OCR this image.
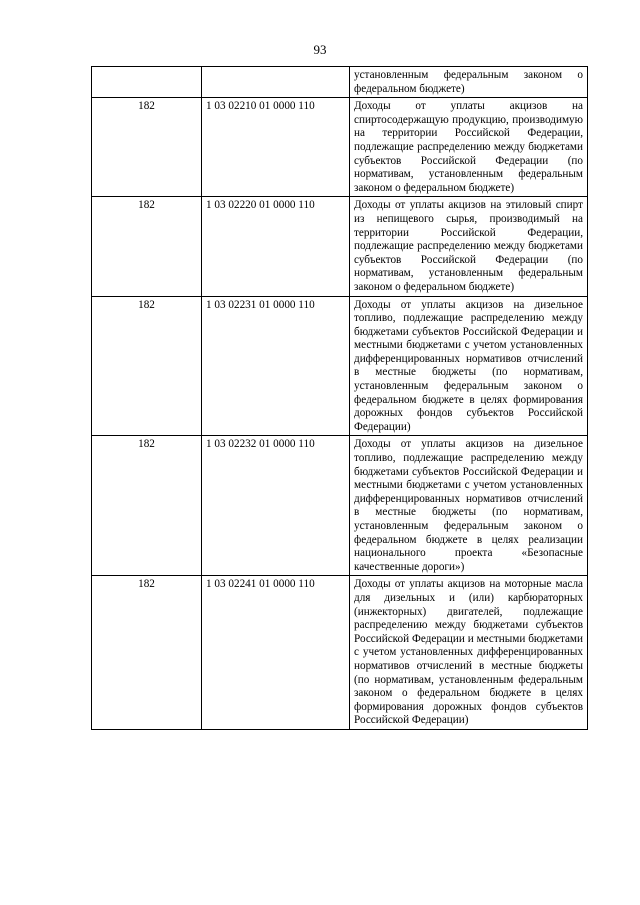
93

		установленным федеральным законом о федеральном бюджете)

182	1 03 02210 01 0000 110	Доходы от уплаты акцизов на спиртосодержащую продукцию, производимую на территории Российской Федерации, подлежащие распределению между бюджетами субъектов Российской Федерации (по нормативам, установленным федеральным законом о федеральном бюджете)

182	1 03 02220 01 0000 110	Доходы от уплаты акцизов на этиловый спирт из непищевого сырья, производимый на территории Российской Федерации, подлежащие распределению между бюджетами субъектов Российской Федерации (по нормативам, установленным федеральным законом о федеральном бюджете)

182	1 03 02231 01 0000 110	Доходы от уплаты акцизов на дизельное топливо, подлежащие распределению между бюджетами субъектов Российской Федерации и местными бюджетами с учетом установленных дифференцированных нормативов отчислений в местные бюджеты (по нормативам, установленным федеральным законом о федеральном бюджете в целях формирования дорожных фондов субъектов Российской Федерации)

182	1 03 02232 01 0000 110	Доходы от уплаты акцизов на дизельное топливо, подлежащие распределению между бюджетами субъектов Российской Федерации и местными бюджетами с учетом установленных дифференцированных нормативов отчислений в местные бюджеты (по нормативам, установленным федеральным законом о федеральном бюджете в целях реализации национального проекта «Безопасные качественные дороги»)

182	1 03 02241 01 0000 110	Доходы от уплаты акцизов на моторные масла для дизельных и (или) карбюраторных (инжекторных) двигателей, подлежащие распределению между бюджетами субъектов Российской Федерации и местными бюджетами с учетом установленных дифференцированных нормативов отчислений в местные бюджеты (по нормативам, установленным федеральным законом о федеральном бюджете в целях формирования дорожных фондов субъектов Российской Федерации)
